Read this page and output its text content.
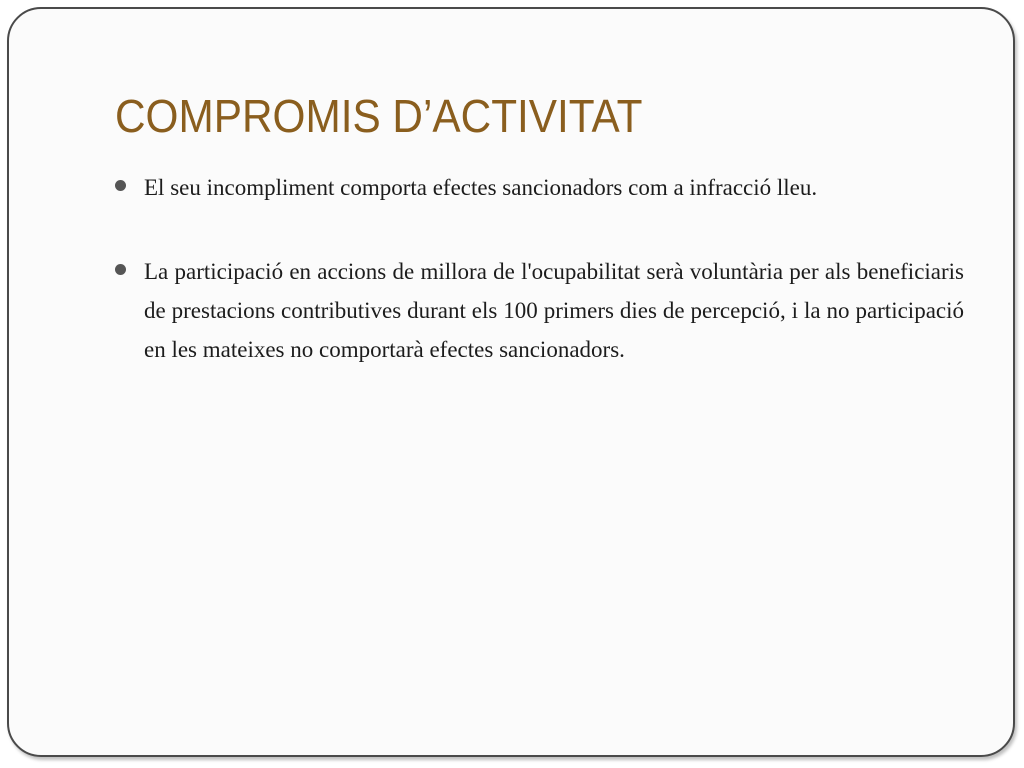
COMPROMIS D’ACTIVITAT
El seu incompliment comporta efectes sancionadors com a infracció lleu.
La participació en accions de millora de l'ocupabilitat serà voluntària per als beneficiaris de prestacions contributives durant els 100 primers dies de percepció, i la no participació en les mateixes no comportarà efectes sancionadors.
